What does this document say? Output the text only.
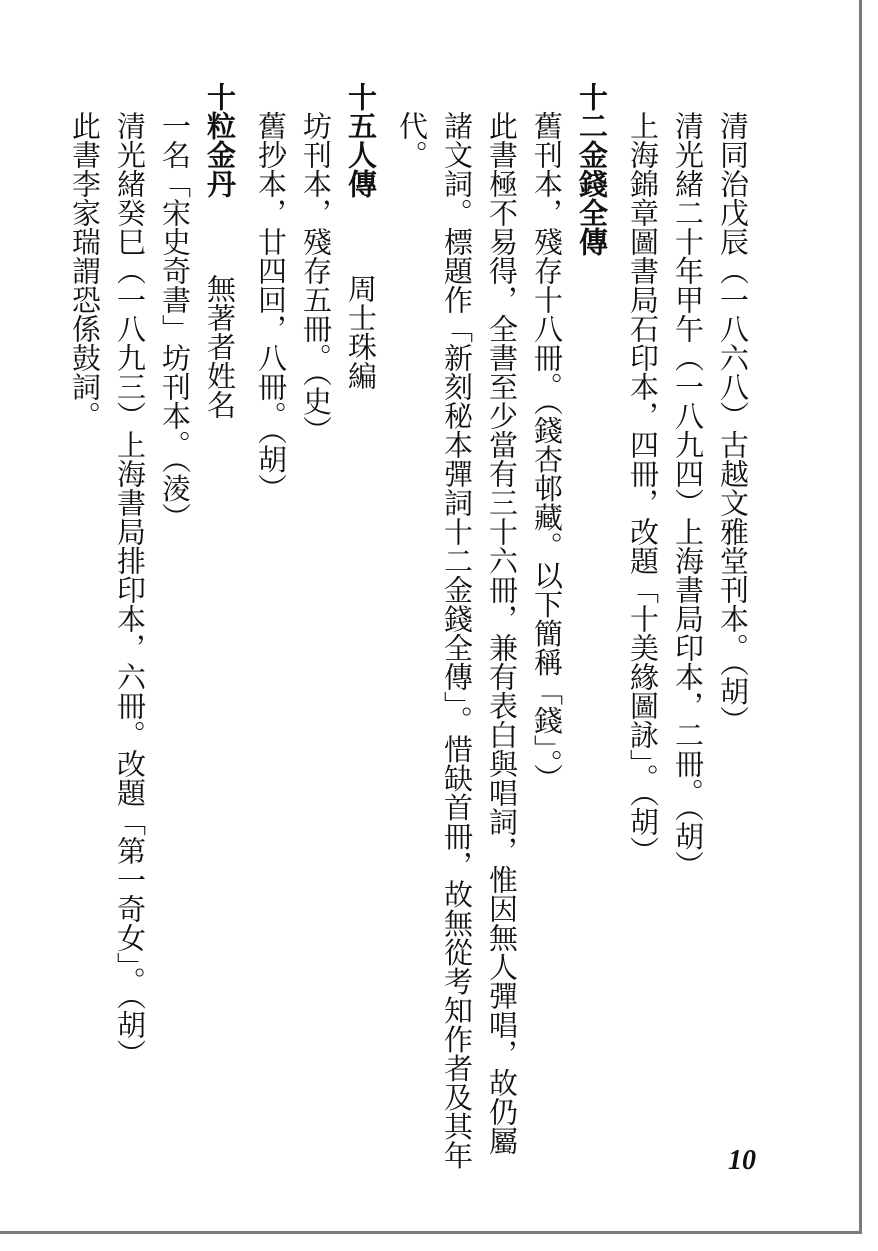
清同治戊辰（一八六八）古越文雅堂刊本。（胡）
清光緒二十年甲午（一八九四）上海書局印本，二冊。（胡）
上海錦章圖書局石印本，四冊，改題「十美緣圖詠」。（胡）
十二金錢全傳
舊刊本，殘存十八冊。（錢杏邨藏。以下簡稱「錢」。）
此書極不易得，全書至少當有三十六冊，兼有表白與唱詞，惟因無人彈唱，故仍屬
諸文詞。標題作「新刻秘本彈詞十二金錢全傳」。惜缺首冊，故無從考知作者及其年
代。
十五人傳　　周士珠編
坊刊本，殘存五冊。（史）
舊抄本，廿四回，八冊。（胡）
十粒金丹　　無著者姓名
一名「宋史奇書」坊刊本。（淩）
清光緒癸巳（一八九三）上海書局排印本，六冊。改題「第一奇女」。（胡）
此書李家瑞謂恐係鼓詞。
10
